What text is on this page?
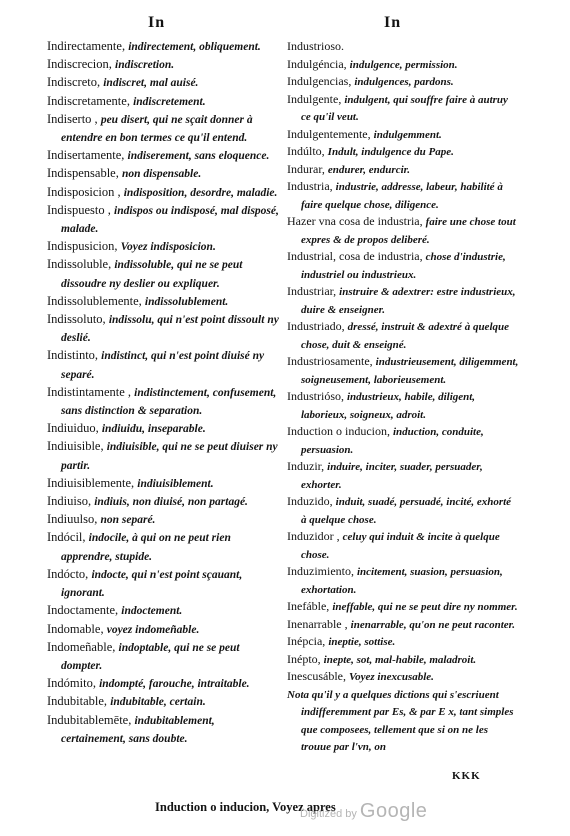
In	In

Indirectamente, indirectement, obliquement.

Indiscrecion, indiscretion.

Indiscreto, indiscret, mal auisé.

Indiscretamente, indiscretement.

Indiserto , peu disert, qui ne sçait donner à entendre en bon termes ce qu'il entend.

Indisertamente, indiserement, sans eloquence.

Indispensable, non dispensable.

Indisposicion , indisposition, desordre, maladie.

Indispuesto , indispos ou indisposé, mal disposé, malade.

Indispusicion, Voyez indisposicion.

Indissoluble, indissoluble, qui ne se peut dissoudre ny deslier ou expliquer.

Indissolublemente, indissolublement.

Indissoluto, indissolu, qui n'est point dissoult ny deslié.

Indistinto, indistinct, qui n'est point diuisé ny separé.

Indistintamente , indistinctement, confusement, sans distinction & separation.

Indiuiduo, indiuidu, inseparable.

Indiuisible, indiuisible, qui ne se peut diuiser ny partir.

Indiuisiblemente, indiuisiblement.

Indiuiso, indiuis, non diuisé, non partagé.

Indiuulso, non separé.

Indócil, indocile, à qui on ne peut rien apprendre, stupide.

Indócto, indocte, qui n'est point sçauant, ignorant.

Indoctamente, indoctement.

Indomable, voyez indomeñable.

Indomeñable, indoptable, qui ne se peut dompter.

Indómito, indompté, farouche, intraitable.

Indubitable, indubitable, certain.

Indubitablemēte, indubitablement, certainement, sans doubte.

Industrioso.

Indulgéncia, indulgence, permission.

Indulgencias, indulgences, pardons.

Indulgente, indulgent, qui souffre faire à autruy ce qu'il veut.

Indulgentemente, indulgemment.

Indúlto, Indult, indulgence du Pape.

Indurar, endurer, endurcir.

Industria, industrie, addresse, labeur, habilité à faire quelque chose, diligence.

Hazer vna cosa de industria, faire une chose tout expres & de propos deliberé.

Industrial, cosa de industria, chose d'industrie, industriel ou industrieux.

Industriar, instruire & adextrer: estre industrieux, duire & enseigner.

Industriado, dressé, instruit & adextré à quelque chose, duit & enseigné.

Industriosamente, industrieusement, diligemment, soigneusement, laborieusement.

Industrióso, industrieux, habile, diligent, laborieux, soigneux, adroit.

Induction o inducion, induction, conduite, persuasion.

Induzir, induire, inciter, suader, persuader, exhorter.

Induzido, induit, suadé, persuadé, incité, exhorté à quelque chose.

Induzidor , celuy qui induit & incite à quelque chose.

Induzimiento, incitement, suasion, persuasion, exhortation.

Inefáble, ineffable, qui ne se peut dire ny nommer.

Inenarrable , inenarrable, qu'on ne peut raconter.

Inépcia, ineptie, sottise.

Inépto, inepte, sot, mal-habile, maladroit.

Inescusáble, Voyez inexcusable.

Nota qu'il y a quelques dictions qui s'escriuent indifferemment par Es, & par E x, tant simples que composees, tellement que si on ne les trouue par l'vn, on

Induction o inducion, Voyez apres
KKK
Digitized by Google
